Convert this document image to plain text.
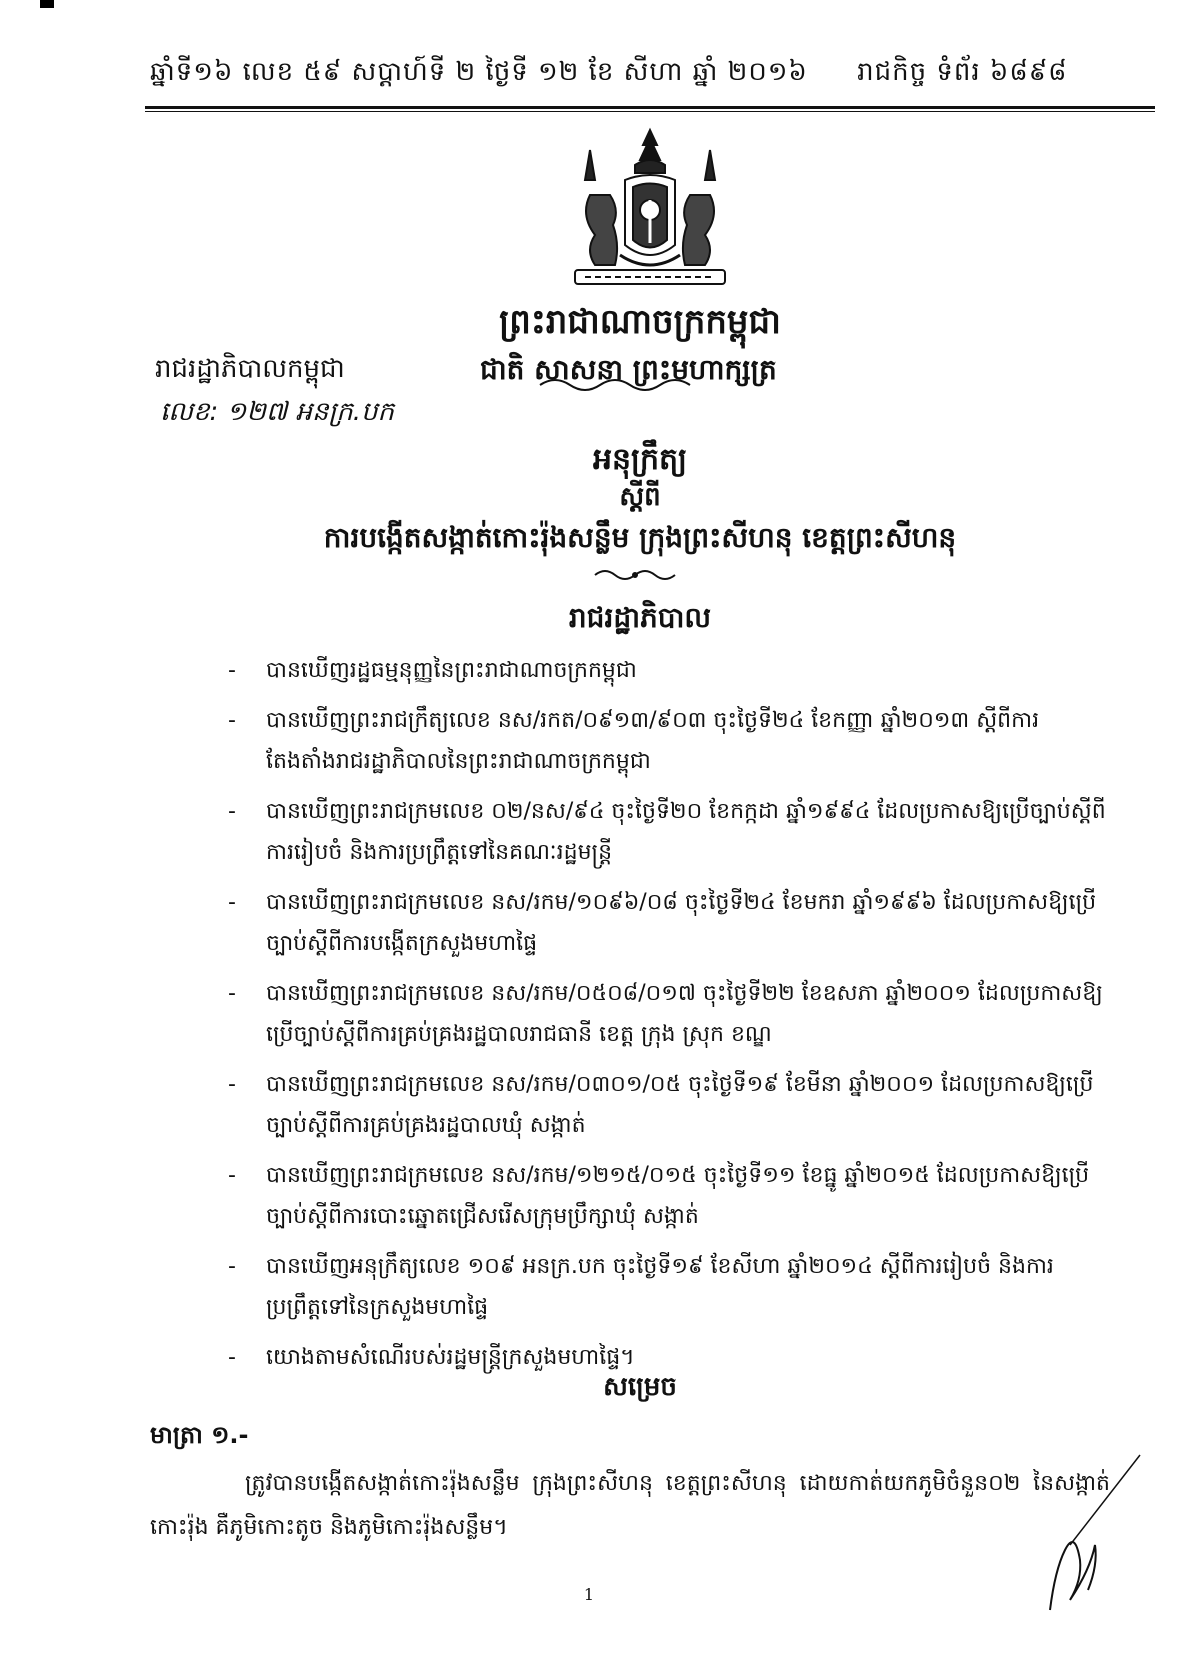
ឆ្នាំទី១៦ លេខ ៥៩ សប្តាហ៍ទី ២ ថ្ងៃទី ១២ ខែ សីហា ឆ្នាំ ២០១៦ រាជកិច្ច ទំព័រ ៦៨៩៨
ព្រះរាជាណាចក្រកម្ពុជា
រាជរដ្ឋាភិបាលកម្ពុជា	ជាតិ សាសនា ព្រះមហាក្សត្រ
លេខ: ១២៧ អនក្រ.បក
អនុក្រឹត្យ
ស្តីពី
ការបង្កើតសង្កាត់កោះរ៉ុងសន្លឹម ក្រុងព្រះសីហនុ ខេត្តព្រះសីហនុ
រាជរដ្ឋាភិបាល
- បានឃើញរដ្ឋធម្មនុញ្ញនៃព្រះរាជាណាចក្រកម្ពុជា
- បានឃើញព្រះរាជក្រឹត្យលេខ នស/រកត/០៩១៣/៩០៣ ចុះថ្ងៃទី២៤ ខែកញ្ញា ឆ្នាំ២០១៣ ស្តីពីការតែងតាំងរាជរដ្ឋាភិបាលនៃព្រះរាជាណាចក្រកម្ពុជា
- បានឃើញព្រះរាជក្រមលេខ ០២/នស/៩៤ ចុះថ្ងៃទី២០ ខែកក្កដា ឆ្នាំ១៩៩៤ ដែលប្រកាសឱ្យប្រើច្បាប់ស្តីពីការរៀបចំ និងការប្រព្រឹត្តទៅនៃគណៈរដ្ឋមន្ត្រី
- បានឃើញព្រះរាជក្រមលេខ នស/រកម/១០៩៦/០៨ ចុះថ្ងៃទី២៤ ខែមករា ឆ្នាំ១៩៩៦ ដែលប្រកាសឱ្យប្រើច្បាប់ស្តីពីការបង្កើតក្រសួងមហាផ្ទៃ
- បានឃើញព្រះរាជក្រមលេខ នស/រកម/០៥០៨/០១៧ ចុះថ្ងៃទី២២ ខែឧសភា ឆ្នាំ២០០១ ដែលប្រកាសឱ្យប្រើច្បាប់ស្តីពីការគ្រប់គ្រងរដ្ឋបាលរាជធានី ខេត្ត ក្រុង ស្រុក ខណ្ឌ
- បានឃើញព្រះរាជក្រមលេខ នស/រកម/០៣០១/០៥ ចុះថ្ងៃទី១៩ ខែមីនា ឆ្នាំ២០០១ ដែលប្រកាសឱ្យប្រើច្បាប់ស្តីពីការគ្រប់គ្រងរដ្ឋបាលឃុំ សង្កាត់
- បានឃើញព្រះរាជក្រមលេខ នស/រកម/១២១៥/០១៥ ចុះថ្ងៃទី១១ ខែធ្នូ ឆ្នាំ២០១៥ ដែលប្រកាសឱ្យប្រើច្បាប់ស្តីពីការបោះឆ្នោតជ្រើសរើសក្រុមប្រឹក្សាឃុំ សង្កាត់
- បានឃើញអនុក្រឹត្យលេខ ១០៩ អនក្រ.បក ចុះថ្ងៃទី១៩ ខែសីហា ឆ្នាំ២០១៤ ស្តីពីការរៀបចំ និងការប្រព្រឹត្តទៅនៃក្រសួងមហាផ្ទៃ
- យោងតាមសំណើរបស់រដ្ឋមន្ត្រីក្រសួងមហាផ្ទៃ។
សម្រេច
មាត្រា ១.-
ត្រូវបានបង្កើតសង្កាត់កោះរ៉ុងសន្លឹម ក្រុងព្រះសីហនុ ខេត្តព្រះសីហនុ ដោយកាត់យកភូមិចំនួន០២ នៃសង្កាត់កោះរ៉ុង គឺភូមិកោះតូច និងភូមិកោះរ៉ុងសន្លឹម។
1
